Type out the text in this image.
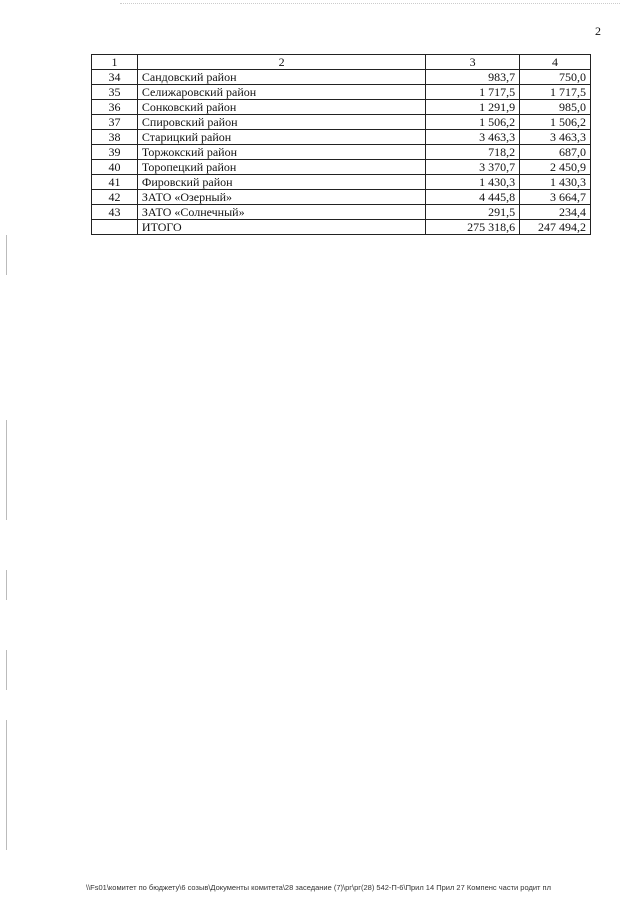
2
1	2	3	4
34	Сандовский район	983,7	750,0
35	Селижаровский район	1 717,5	1 717,5
36	Сонковский район	1 291,9	985,0
37	Спировский район	1 506,2	1 506,2
38	Старицкий район	3 463,3	3 463,3
39	Торжокский район	718,2	687,0
40	Торопецкий район	3 370,7	2 450,9
41	Фировский район	1 430,3	1 430,3
42	ЗАТО «Озерный»	4 445,8	3 664,7
43	ЗАТО «Солнечный»	291,5	234,4
	ИТОГО	275 318,6	247 494,2
\\Fs01\комитет по бюджету\6 созыв\Документы комитета\28 заседание (7)\рг\рг(28) 542-П-6\Прил 14 Прил 27 Компенс части родит пл
